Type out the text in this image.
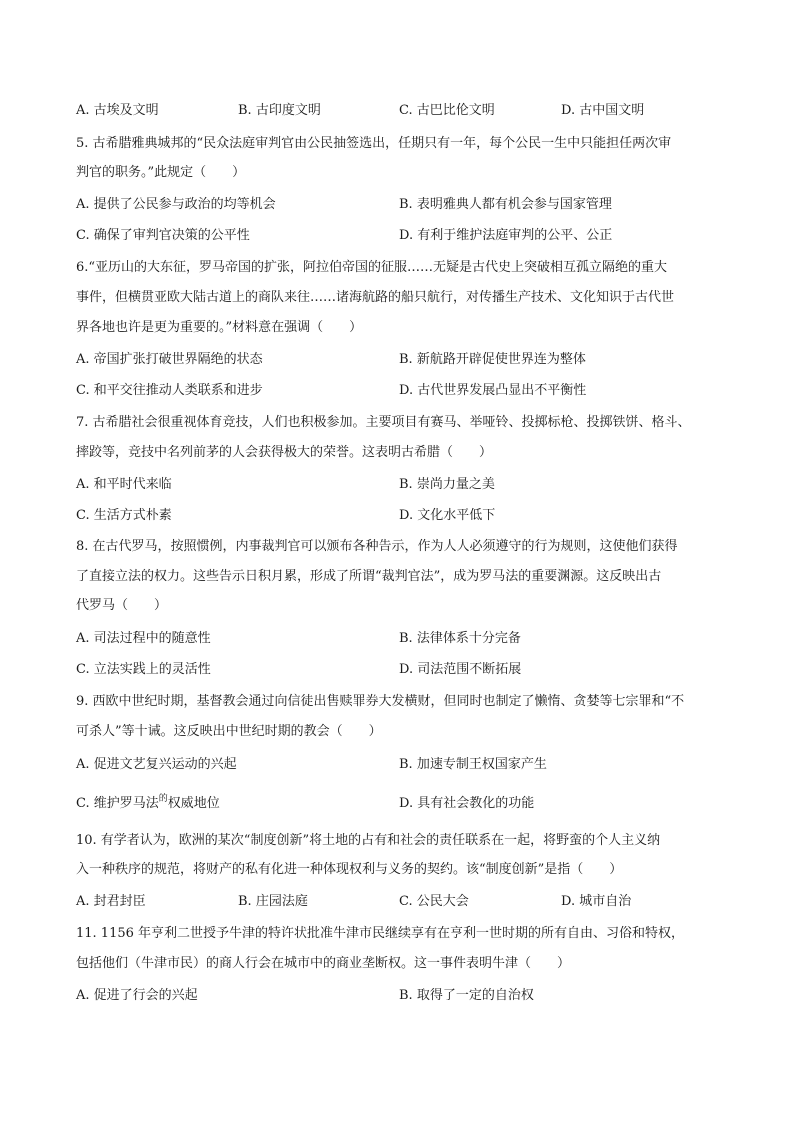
A. 古埃及文明	B. 古印度文明	C. 古巴比伦文明	D. 古中国文明
5. 古希腊雅典城邦的“民众法庭审判官由公民抽签选出，任期只有一年，每个公民一生中只能担任两次审
判官的职务。”此规定（　　）
A. 提供了公民参与政治的均等机会	B. 表明雅典人都有机会参与国家管理
C. 确保了审判官决策的公平性	D. 有利于维护法庭审判的公平、公正
6.“亚历山的大东征，罗马帝国的扩张，阿拉伯帝国的征服……无疑是古代史上突破相互孤立隔绝的重大
事件，但横贯亚欧大陆古道上的商队来往……诸海航路的船只航行，对传播生产技术、文化知识于古代世
界各地也许是更为重要的。”材料意在强调（　　）
A. 帝国扩张打破世界隔绝的状态	B. 新航路开辟促使世界连为整体
C. 和平交往推动人类联系和进步	D. 古代世界发展凸显出不平衡性
7. 古希腊社会很重视体育竞技，人们也积极参加。主要项目有赛马、举哑铃、投掷标枪、投掷铁饼、格斗、
摔跤等，竞技中名列前茅的人会获得极大的荣誉。这表明古希腊（　　）
A. 和平时代来临	B. 崇尚力量之美
C. 生活方式朴素	D. 文化水平低下
8. 在古代罗马，按照惯例，内事裁判官可以颁布各种告示，作为人人必须遵守的行为规则，这使他们获得
了直接立法的权力。这些告示日积月累，形成了所谓“裁判官法”，成为罗马法的重要渊源。这反映出古
代罗马（　　）
A. 司法过程中的随意性	B. 法律体系十分完备
C. 立法实践上的灵活性	D. 司法范围不断拓展
9. 西欧中世纪时期，基督教会通过向信徒出售赎罪券大发横财，但同时也制定了懒惰、贪婪等七宗罪和“不
可杀人”等十诫。这反映出中世纪时期的教会（　　）
A. 促进文艺复兴运动的兴起	B. 加速专制王权国家产生
C. 维护罗马法$^的$权威地位	D. 具有社会教化的功能
10. 有学者认为，欧洲的某次“制度创新”将土地的占有和社会的责任联系在一起，将野蛮的个人主义纳
入一种秩序的规范，将财产的私有化进一种体现权利与义务的契约。该“制度创新”是指（　　）
A. 封君封臣	B. 庄园法庭	C. 公民大会	D. 城市自治
11. 1156 年亨利二世授予牛津的特许状批准牛津市民继续享有在亨利一世时期的所有自由、习俗和特权，
包括他们（牛津市民）的商人行会在城市中的商业垄断权。这一事件表明牛津（　　）
A. 促进了行会的兴起	B. 取得了一定的自治权
